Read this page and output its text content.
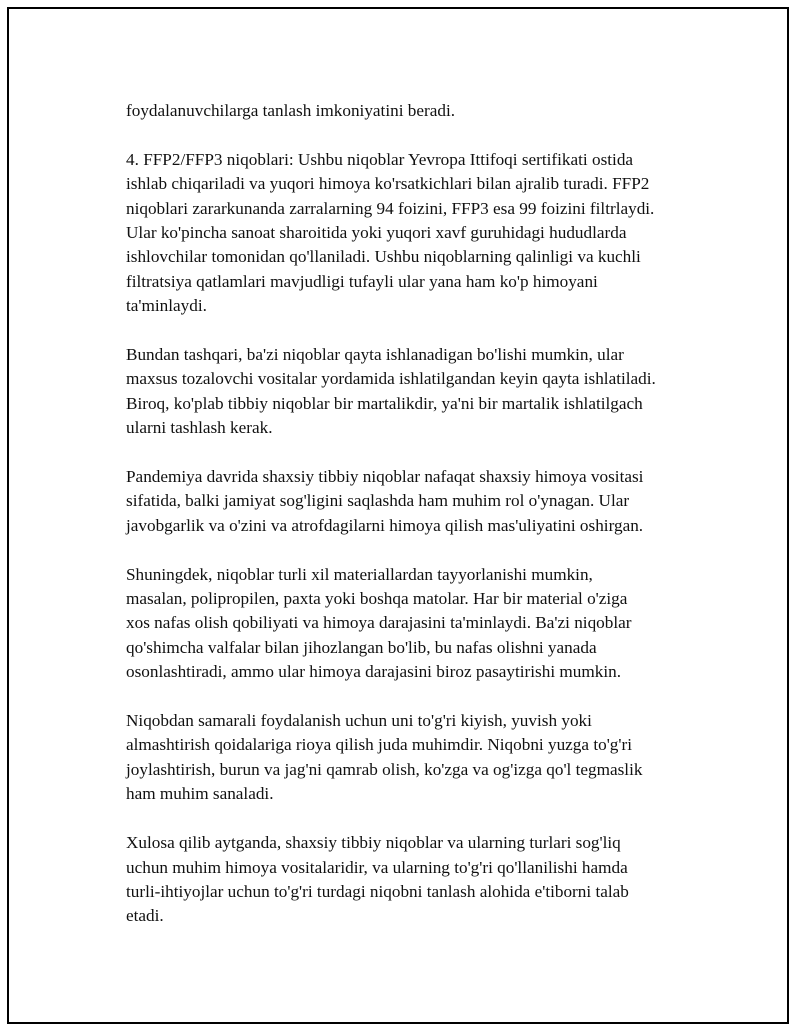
foydalanuvchilarga tanlash imkoniyatini beradi.

4. FFP2/FFP3 niqoblari: Ushbu niqoblar Yevropa Ittifoqi sertifikati ostida
ishlab chiqariladi va yuqori himoya ko'rsatkichlari bilan ajralib turadi. FFP2
niqoblari zararkunanda zarralarning 94 foizini, FFP3 esa 99 foizini filtrlaydi.
Ular ko'pincha sanoat sharoitida yoki yuqori xavf guruhidagi hududlarda
ishlovchilar tomonidan qo'llaniladi. Ushbu niqoblarning qalinligi va kuchli
filtratsiya qatlamlari mavjudligi tufayli ular yana ham ko'p himoyani
ta'minlaydi.

Bundan tashqari, ba'zi niqoblar qayta ishlanadigan bo'lishi mumkin, ular
maxsus tozalovchi vositalar yordamida ishlatilgandan keyin qayta ishlatiladi.
Biroq, ko'plab tibbiy niqoblar bir martalikdir, ya'ni bir martalik ishlatilgach
ularni tashlash kerak.

Pandemiya davrida shaxsiy tibbiy niqoblar nafaqat shaxsiy himoya vositasi
sifatida, balki jamiyat sog'ligini saqlashda ham muhim rol o'ynagan. Ular
javobgarlik va o'zini va atrofdagilarni himoya qilish mas'uliyatini oshirgan.

Shuningdek, niqoblar turli xil materiallardan tayyorlanishi mumkin,
masalan, polipropilen, paxta yoki boshqa matolar. Har bir material o'ziga
xos nafas olish qobiliyati va himoya darajasini ta'minlaydi. Ba'zi niqoblar
qo'shimcha valfalar bilan jihozlangan bo'lib, bu nafas olishni yanada
osonlashtiradi, ammo ular himoya darajasini biroz pasaytirishi mumkin.

Niqobdan samarali foydalanish uchun uni to'g'ri kiyish, yuvish yoki
almashtirish qoidalariga rioya qilish juda muhimdir. Niqobni yuzga to'g'ri
joylashtirish, burun va jag'ni qamrab olish, ko'zga va og'izga qo'l tegmaslik
ham muhim sanaladi.

Xulosa qilib aytganda, shaxsiy tibbiy niqoblar va ularning turlari sog'liq
uchun muhim himoya vositalaridir, va ularning to'g'ri qo'llanilishi hamda
turli-ihtiyojlar uchun to'g'ri turdagi niqobni tanlash alohida e'tiborni talab
etadi.
